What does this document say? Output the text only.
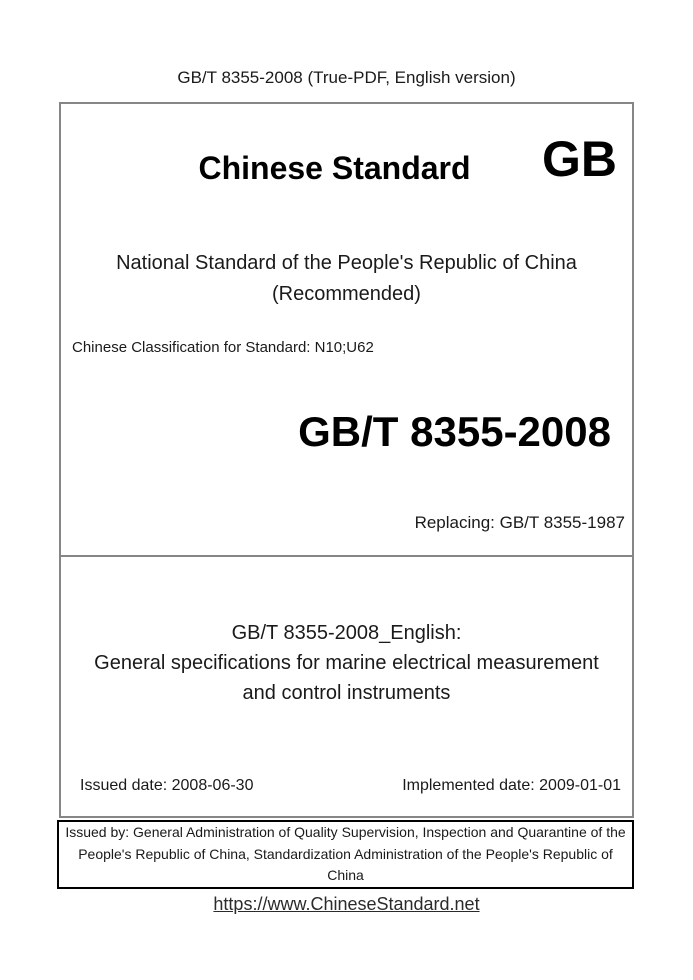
GB/T 8355-2008 (True-PDF, English version)
Chinese Standard	GB
National Standard of the People's Republic of China
(Recommended)
Chinese Classification for Standard: N10;U62
GB/T 8355-2008
Replacing: GB/T 8355-1987
GB/T 8355-2008_English:
General specifications for marine electrical measurement
and control instruments
Issued date: 2008-06-30	Implemented date: 2009-01-01
Issued by: General Administration of Quality Supervision, Inspection and Quarantine of the People's Republic of China, Standardization Administration of the People's Republic of China
https://www.ChineseStandard.net
